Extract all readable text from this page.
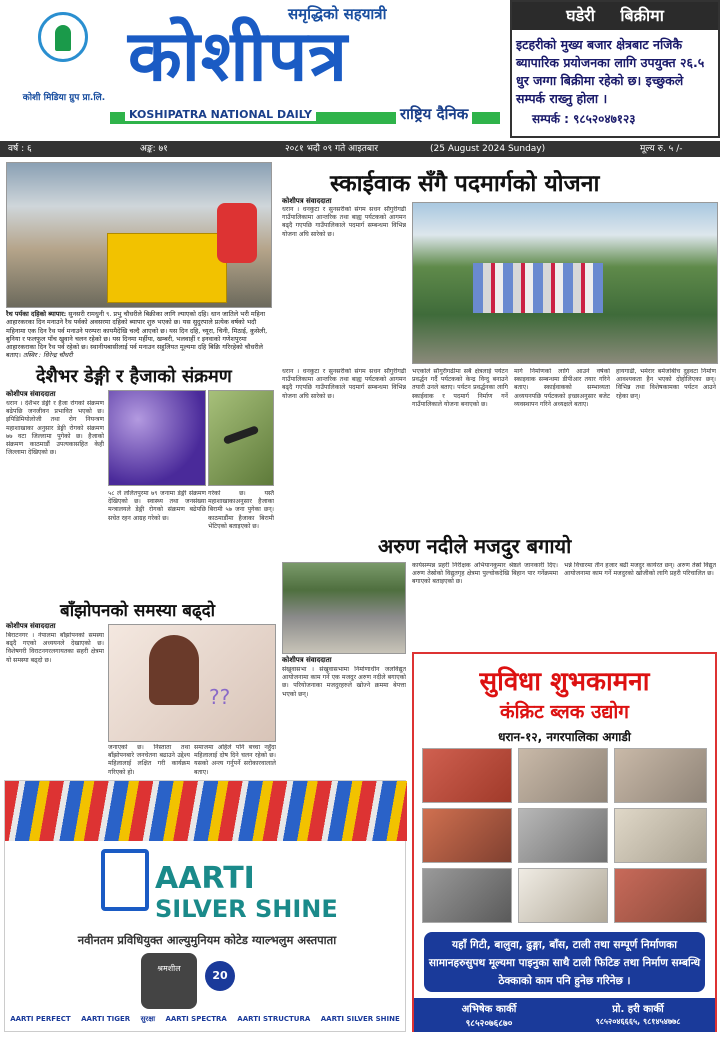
कोशी मिडिया ग्रुप प्रा.लि.
समृद्धिको सहयात्री
कोशीपत्र
KOSHIPATRA NATIONAL DAILY	राष्ट्रिय दैनिक
घडेरी बिक्रीमा
इटहरीको मुख्य बजार क्षेत्रबाट नजिकै ब्यापारिक प्रयोजनका लागि उपयुक्त २६.५ धुर जग्गा बिक्रीमा रहेको छ। इच्छुकले सम्पर्क राख्नु होला ।
सम्पर्क : ९८५२०४७१२३
वर्ष : ६	अङ्क: ७१	२०८१ भदौ ०९ गते आइतबार	(25 August 2024 Sunday)	मूल्य रु. ५ /-
रैथ पर्यका दहिको ब्यापार: सुनसरी रामधुनी ९. प्रभु चौधरीले बिक्रीका लागि ल्याएको दहि। धान जातिले भरी महिना आहारकरका दिन मनाउने रैथ पर्वको अवसरमा दहिको ब्यापार शुरु भएको छ। यस सुदुरपाले प्रत्येक वर्षको भदौ महिनामा एक दिन रैथ पर्व मनाउने परम्परा कायमैदेखि चल्दै आएको छ। यस दिन दहि, च्यूरा, चिनी, मिठाई, कुसेली, बुनिया र फलफुल पाँच खुवाने चलन रहेको छ। यस दिनमा मर्हीया, खम्बरी, भलवाहीं र इनवाको गणेशपुरमा आहारकराका दिन रैथ पर्व रहेको छ। स्थानीयबासीलाई पर्व मनाउन सहुलियत मूल्यमा दहि बिक्रि गरिरहेको चौधरीले बताए। तस्विर : धिरेन्द्र चौधरी
स्काईवाक सँगै पदमार्गको योजना
कोशीपत्र संवाददाता
धरान । धनकुटा र सुनसरीको संगम सधन सौंगुरीगढी गाउँपालिकामा आन्तरिक तथा बाह्य पर्यटकको आगमन बढ्दै गएपछि गाउँपालिकाले पदमार्ग सम्बन्धमा विभिन्न योजना अघि सारेको छ।
धरान । धनकुटा र सुनसरीको संगम सधन सौंगुरीगढी गाउँपालिकामा आन्तरिक तथा बाह्य पर्यटकको आगमन बढ्दै गएपछि गाउँपालिकाले पदमार्ग सम्बन्धमा विभिन्न योजना अघि सारेको छ।
भएकोले सौगुरीगढीमा सबै क्षेत्रलाई पर्यटन प्रवर्द्धन गर्दै पर्यटकको केन्द्र विन्दु बनाउने तयारी उनले बताए। पर्यटन प्रवर्द्धनका लागि स्काईवाक र पदमार्ग निर्माण गर्ने गाउँपालिकाले योजना बनाएको छ।
मार्ग निर्माणको लागि आउने वर्षको स्काइवाक सम्बन्धमा डीपीआर तयार गरिने बताए। स्काईवाकको सम्भाव्यता अध्ययनपछि पर्यटकको इच्छाअनुसार बजेट व्यवस्थापन गरिने अध्यक्षले बताए।
हायगाढी, भमेरार बर्मेजोबीच दुइवटा निर्माण आवश्यकता हैन भएको दोहोलिएका छन्। विभिन्न तथा विशेषकामका पर्यटन आउने रहेका छन्।
देशैभर डेङ्गी र हैजाको संक्रमण
कोशीपत्र संवाददाता
धरान । देशैभर डेङ्गी र हैजा रोगको संक्रमण बढेपछि जनजीवन प्रभावित भएको छ। इपिडिमियोलोजी तथा रोग नियन्त्रण महाशाखाका अनुसार डेङ्गी रोगको संक्रमण ७७ वटा जिल्लामा पुगेको छ। हैजाको संक्रमण काठमाडौं उपत्यकासहित केही जिल्लामा देखिएको छ।
५८ ले ललितपुरमा ७९ जनामा डेङ्गी संक्रमण देखिएको छ। स्वास्थ्य तथा जनसंख्या मन्त्रालयले डेङ्गी रोगको संक्रमण बढेपछि सचेत रहन आग्रह गरेको छ।
गरेको छ। यस्तै महाशाखाकाअनुसार हैजाका बिरामी ५७ जना पुगेका छन्। काठमाडौंमा हैजाका बिरामी भेटिएको बताइएको छ।
अरुण नदीले मजदुर बगायो
कोशीपत्र संवाददाता
संखुवासभा । संखुवासभामा निर्माणाधीन जलविद्युत आयोजनामा काम गर्ने एक मजदुर अरुण नदीले बगाएको छ। परियोजनाका मजदुरहरुले खोज्ने क्रममा बेपत्ता भएको छन्।
कार्यसम्पन्न प्रहरी निरीक्षक अभियानकुमार श्रेष्ठले जानकारी दिए। अरुण तेस्रोको विद्युतगृह क्षेत्रमा पुल्चोकदेखि बिहान पार गर्नेक्रममा बगाएको बताइएको छ।
भन्ने विचारमा तीन हजार बढी मजदुर कार्यरत छन्। अरुण तेस्रो विद्युत आयोजनामा काम गर्ने मजदुरको खोजीको लागि प्रहरी परिचालित छ।
बाँझोपनको समस्या बढ्दो
कोशीपत्र संवाददाता
बिराटनगर । नेपालमा बाँझोपनको समस्या बढ्दै गएको अध्ययनले देखाएको छ। विशेषगरी विराटनगरलगायतका सहरी क्षेत्रमा यो समस्या बढ्दो छ।
??
जनाएको छ। निस्ताता तथा बाँझोपनबारे जनचेतना बढाउने उद्देश्य महिलालाई लक्षित गरी कार्यक्रम गरिएको हो।
समाजमा अहिले पनि बच्चा नहुँदा महिलालाई दोष दिने चलन रहेको छ। यसको अन्त्य गर्नुपर्ने सरोकारवालाले बताए।
AARTI
SILVER SHINE
नवीनतम प्रविधियुक्त आल्युमुनियम कोटेड ग्याल्भलुम अस्तपाता
श्रमशील
20
AARTI PERFECT AARTI TIGER सुरक्षा AARTI SPECTRA AARTI STRUCTURA AARTI SILVER SHINE
सुविधा शुभकामना
कंक्रिट ब्लक उद्योग
धरान-१२, नगरपालिका अगाडी
यहाँ गिटी, बालुवा, ढुङ्गा, बाँस, टाली तथा सम्पूर्ण निर्माणका सामानहरुसुपथ मूल्यमा पाइनुका साथै टाली फिटिङ तथा निर्माण सम्बन्धि ठेक्काको काम पनि हुनेछ गरिनेछ ।
अभिषेक कार्की
९८५२०७६८७०
प्रो. हरी कार्की
९८५२०४६६६५, ९८१४५४७७८
